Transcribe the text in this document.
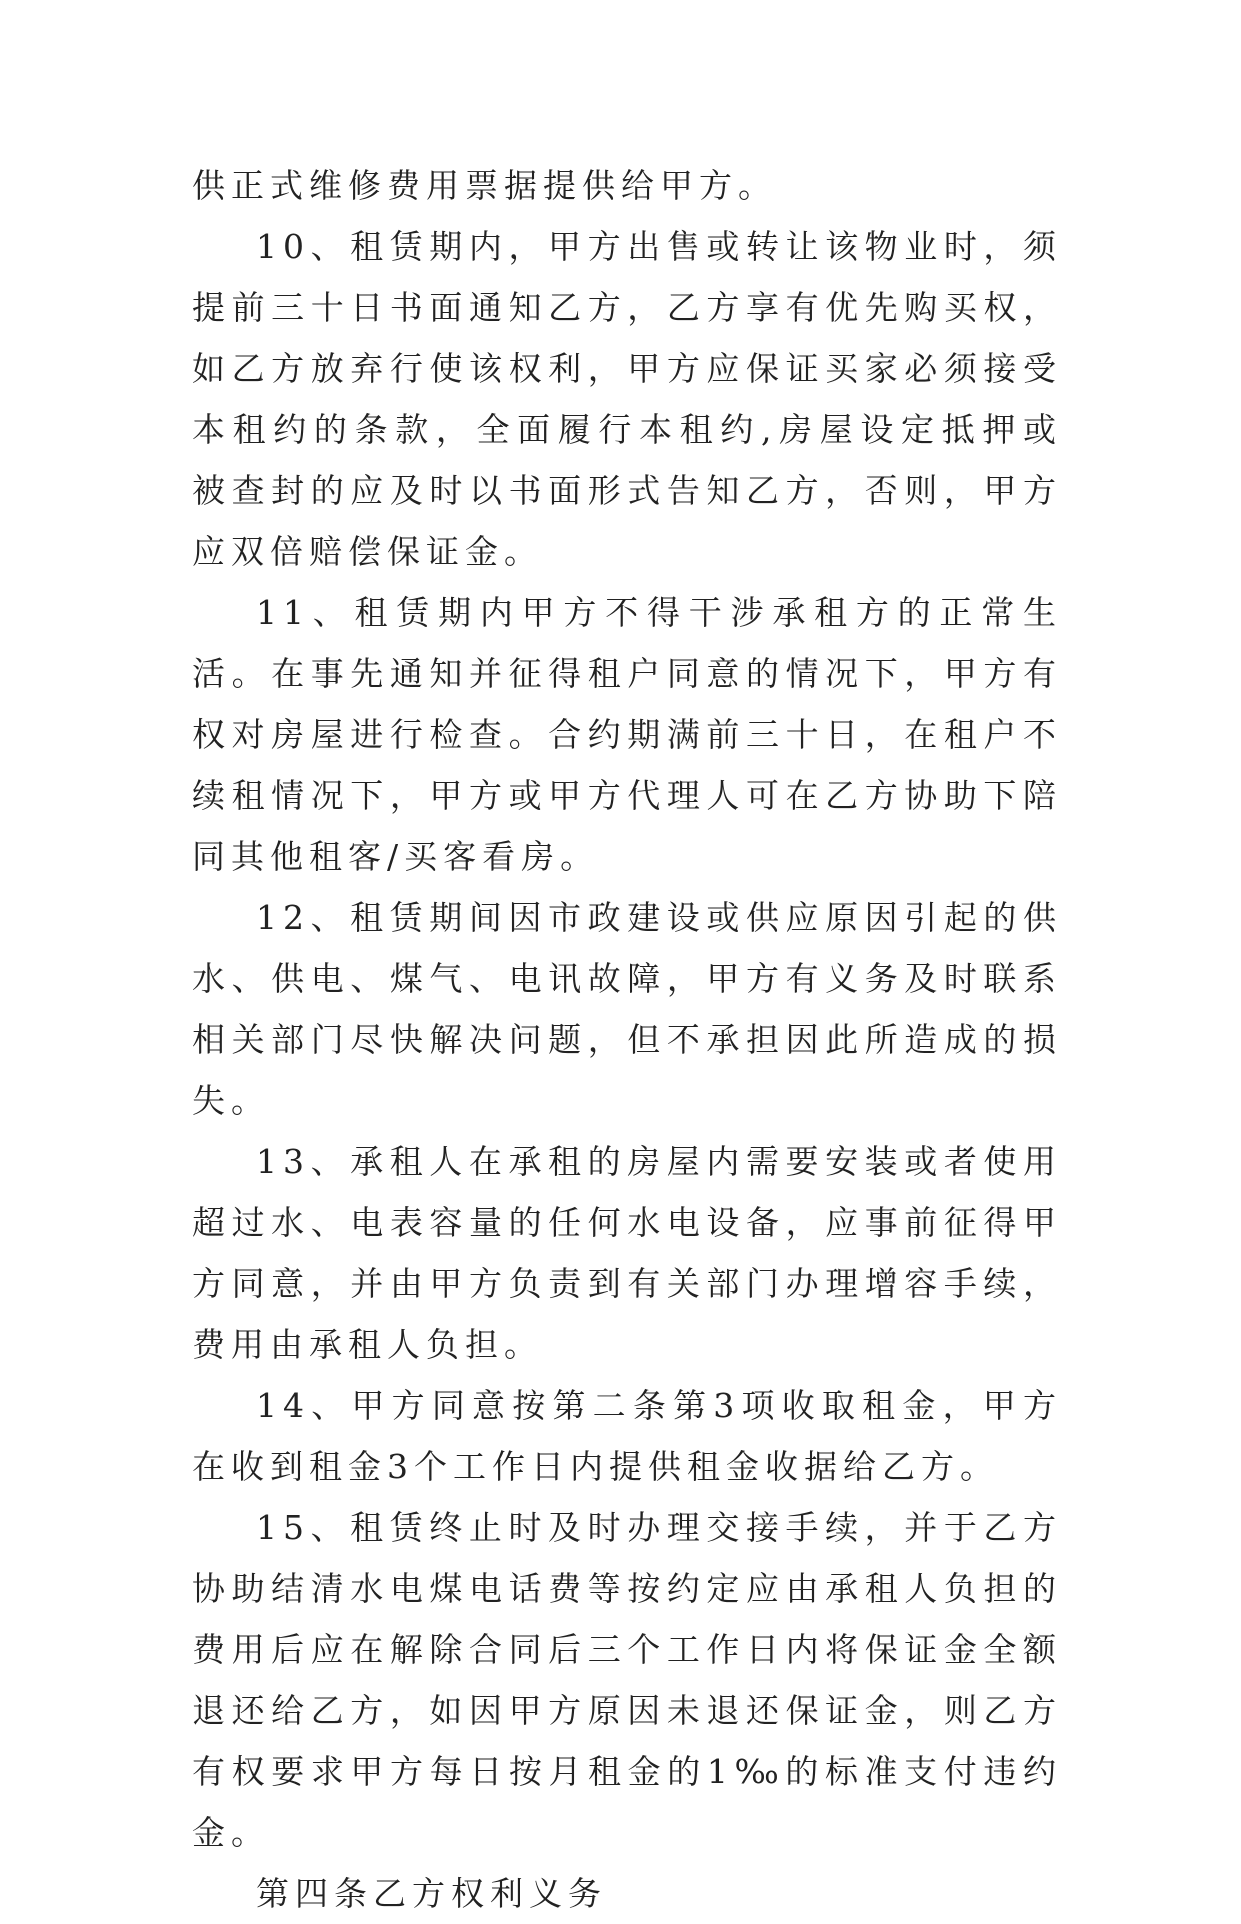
供正式维修费用票据提供给甲方。

10、租赁期内，甲方出售或转让该物业时，须提前三十日书面通知乙方，乙方享有优先购买权，如乙方放弃行使该权利，甲方应保证买家必须接受本租约的条款，全面履行本租约,房屋设定抵押或被查封的应及时以书面形式告知乙方，否则，甲方应双倍赔偿保证金。

11、租赁期内甲方不得干涉承租方的正常生活。在事先通知并征得租户同意的情况下，甲方有权对房屋进行检查。合约期满前三十日，在租户不续租情况下，甲方或甲方代理人可在乙方协助下陪同其他租客/买客看房。

12、租赁期间因市政建设或供应原因引起的供水、供电、煤气、电讯故障，甲方有义务及时联系相关部门尽快解决问题，但不承担因此所造成的损失。

13、承租人在承租的房屋内需要安装或者使用超过水、电表容量的任何水电设备，应事前征得甲方同意，并由甲方负责到有关部门办理增容手续，费用由承租人负担。

14、甲方同意按第二条第3项收取租金，甲方在收到租金3个工作日内提供租金收据给乙方。

15、租赁终止时及时办理交接手续，并于乙方协助结清水电煤电话费等按约定应由承租人负担的费用后应在解除合同后三个工作日内将保证金全额退还给乙方，如因甲方原因未退还保证金，则乙方有权要求甲方每日按月租金的1‰的标准支付违约金。

第四条乙方权利义务
